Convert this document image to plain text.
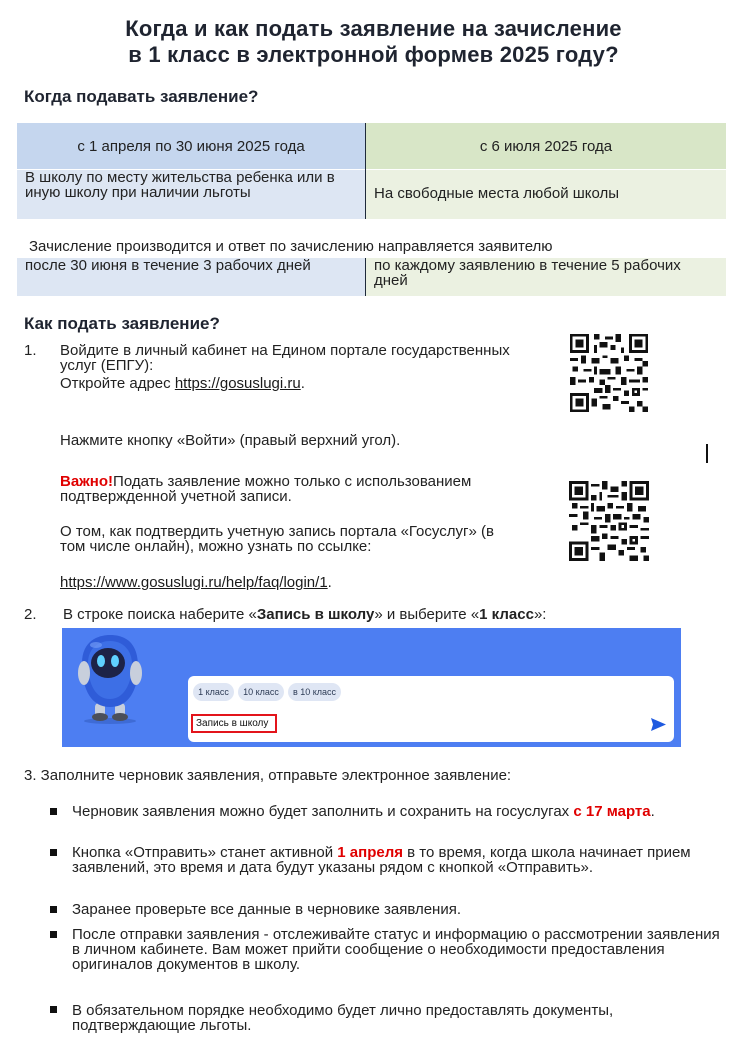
Когда и как подать заявление на зачисление
в 1 класс в электронной формев 2025 году?
Когда подавать заявление?
с 1 апреля по 30 июня 2025 года	с 6 июля 2025 года
В школу по месту жительства ребенка или в иную школу при наличии льготы	На свободные места любой школы
Зачисление производится и ответ по зачислению направляется заявителю
после 30 июня в течение 3 рабочих дней	по каждому заявлению в течение 5 рабочих дней
Как подать заявление?
1. Войдите в личный кабинет на Едином портале государственных услуг (ЕПГУ):
Откройте адрес https://gosuslugi.ru.
Нажмите кнопку «Войти» (правый верхний угол).
Важно!Подать заявление можно только с использованием подтвержденной учетной записи.
О том, как подтвердить учетную запись портала «Госуслуг» (в том числе онлайн), можно узнать по ссылке:
https://www.gosuslugi.ru/help/faq/login/1.
2. В строке поиска наберите «Запись в школу» и выберите «1 класс»:
1 класс	10 класс	в 10 класс
Запись в школу
3. Заполните черновик заявления, отправьте электронное заявление:
Черновик заявления можно будет заполнить и сохранить на госуслугах с 17 марта.
Кнопка «Отправить» станет активной 1 апреля в то время, когда школа начинает прием заявлений, это время и дата будут указаны рядом с кнопкой «Отправить».
Заранее проверьте все данные в черновике заявления.
После отправки заявления - отслеживайте статус и информацию о рассмотрении заявления в личном кабинете. Вам может прийти сообщение о необходимости предоставления оригиналов документов в школу.
В обязательном порядке необходимо будет лично предоставлять документы, подтверждающие льготы.
